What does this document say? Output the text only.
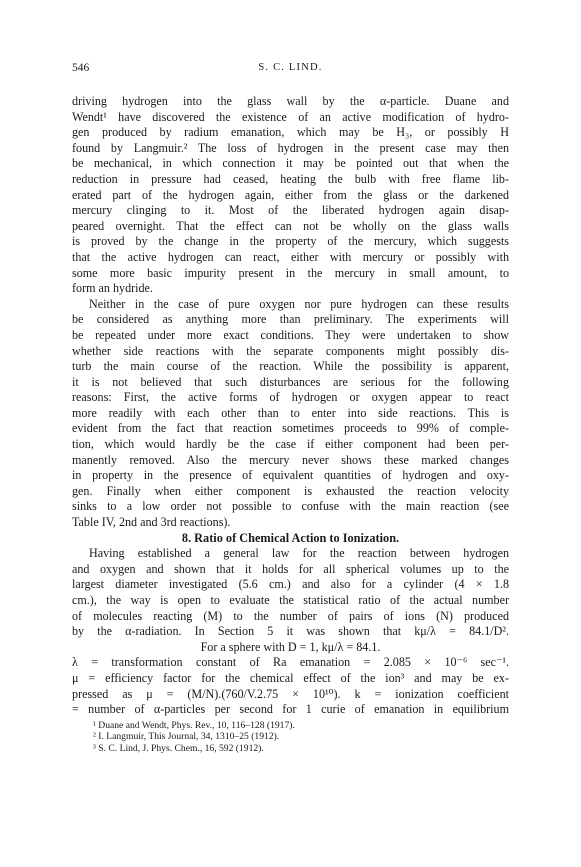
546	S. C. LIND.

driving hydrogen into the glass wall by the α-particle. Duane and
Wendt¹ have discovered the existence of an active modification of hydro-
gen produced by radium emanation, which may be H₃, or possibly H
found by Langmuir.² The loss of hydrogen in the present case may then
be mechanical, in which connection it may be pointed out that when the
reduction in pressure had ceased, heating the bulb with free flame lib-
erated part of the hydrogen again, either from the glass or the darkened
mercury clinging to it. Most of the liberated hydrogen again disap-
peared overnight. That the effect can not be wholly on the glass walls
is proved by the change in the property of the mercury, which suggests
that the active hydrogen can react, either with mercury or possibly with
some more basic impurity present in the mercury in small amount, to
form an hydride.

Neither in the case of pure oxygen nor pure hydrogen can these results
be considered as anything more than preliminary. The experiments will
be repeated under more exact conditions. They were undertaken to show
whether side reactions with the separate components might possibly dis-
turb the main course of the reaction. While the possibility is apparent,
it is not believed that such disturbances are serious for the following
reasons: First, the active forms of hydrogen or oxygen appear to react
more readily with each other than to enter into side reactions. This is
evident from the fact that reaction sometimes proceeds to 99% of comple-
tion, which would hardly be the case if either component had been per-
manently removed. Also the mercury never shows these marked changes
in property in the presence of equivalent quantities of hydrogen and oxy-
gen. Finally when either component is exhausted the reaction velocity
sinks to a low order not possible to confuse with the main reaction (see
Table IV, 2nd and 3rd reactions).

8. Ratio of Chemical Action to Ionization.

Having established a general law for the reaction between hydrogen
and oxygen and shown that it holds for all spherical volumes up to the
largest diameter investigated (5.6 cm.) and also for a cylinder (4 × 1.8
cm.), the way is open to evaluate the statistical ratio of the actual number
of molecules reacting (M) to the number of pairs of ions (N) produced
by the α-radiation. In Section 5 it was shown that kμ/λ = 84.1/D².

For a sphere with D = 1, kμ/λ = 84.1.

λ = transformation constant of Ra emanation = 2.085 × 10⁻⁶ sec⁻¹.
μ = efficiency factor for the chemical effect of the ion³ and may be ex-
pressed as μ = (M/N).(760/V.2.75 × 10¹⁰). k = ionization coefficient
= number of α-particles per second for 1 curie of emanation in equilibrium

¹ Duane and Wendt, Phys. Rev., 10, 116–128 (1917).
² I. Langmuir, This Journal, 34, 1310–25 (1912).
³ S. C. Lind, J. Phys. Chem., 16, 592 (1912).
